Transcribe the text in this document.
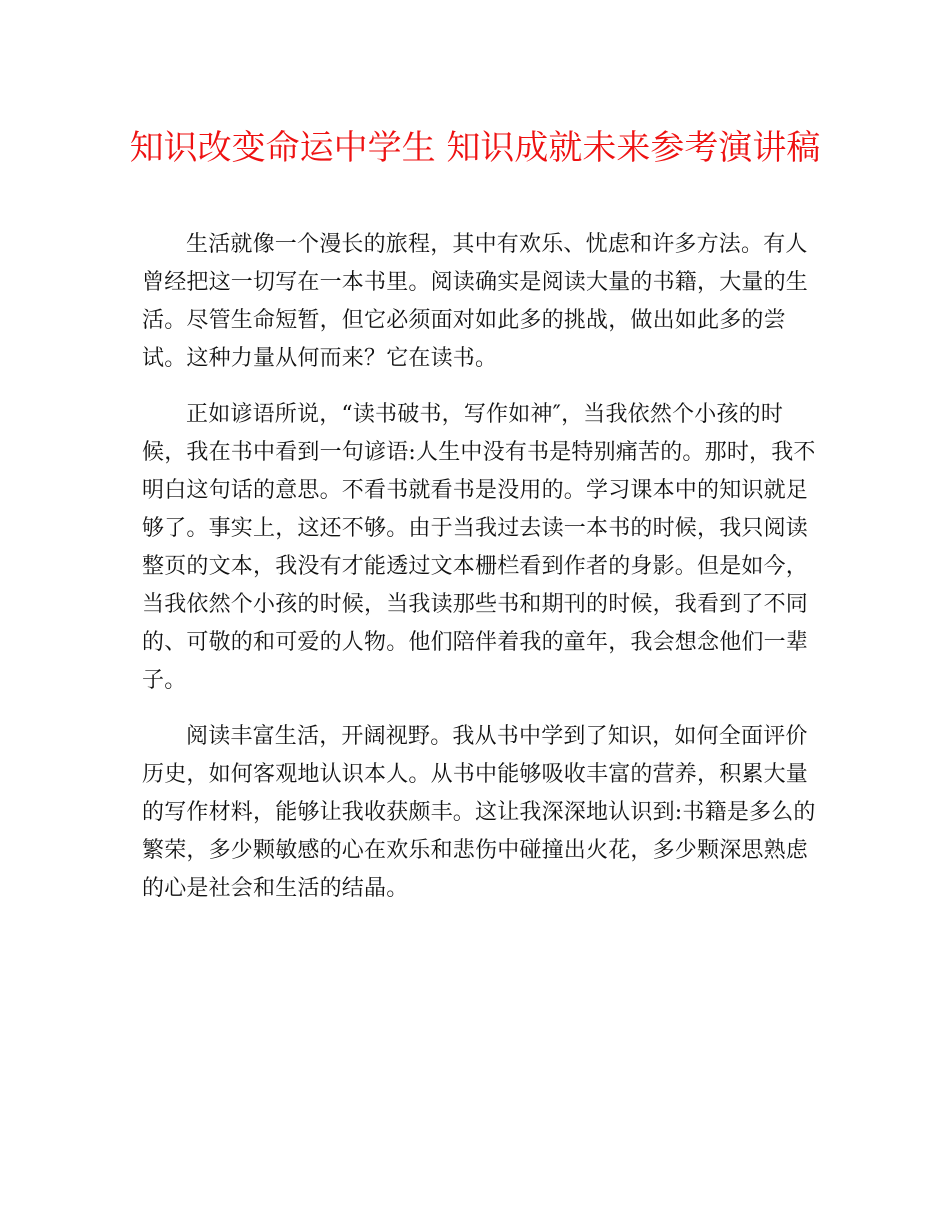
知识改变命运中学生 知识成就未来参考演讲稿

生活就像一个漫长的旅程，其中有欢乐、忧虑和许多方法。有人曾经把这一切写在一本书里。阅读确实是阅读大量的书籍，大量的生活。尽管生命短暂，但它必须面对如此多的挑战，做出如此多的尝试。这种力量从何而来？它在读书。

正如谚语所说，“读书破书，写作如神″，当我依然个小孩的时候，我在书中看到一句谚语:人生中没有书是特别痛苦的。那时，我不明白这句话的意思。不看书就看书是没用的。学习课本中的知识就足够了。事实上，这还不够。由于当我过去读一本书的时候，我只阅读整页的文本，我没有才能透过文本栅栏看到作者的身影。但是如今，当我依然个小孩的时候，当我读那些书和期刊的时候，我看到了不同的、可敬的和可爱的人物。他们陪伴着我的童年，我会想念他们一辈子。

阅读丰富生活，开阔视野。我从书中学到了知识，如何全面评价历史，如何客观地认识本人。从书中能够吸收丰富的营养，积累大量的写作材料，能够让我收获颇丰。这让我深深地认识到:书籍是多么的繁荣，多少颗敏感的心在欢乐和悲伤中碰撞出火花，多少颗深思熟虑的心是社会和生活的结晶。
